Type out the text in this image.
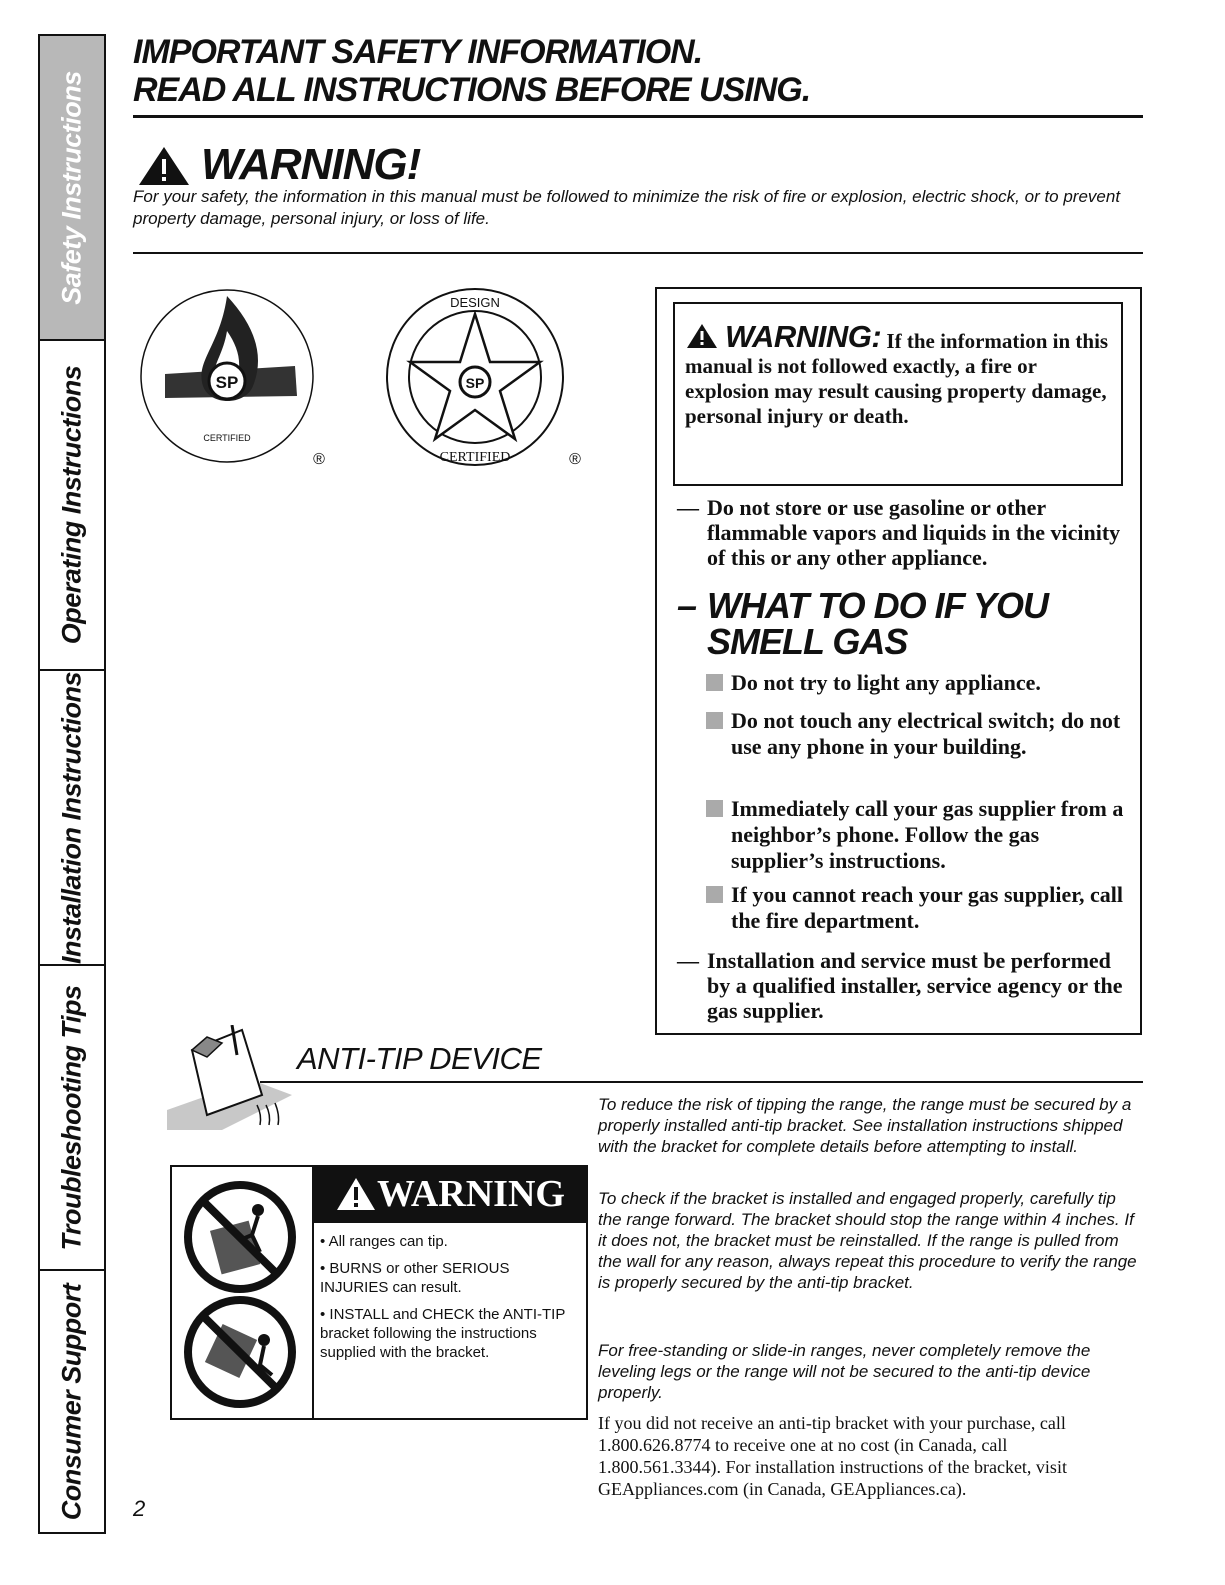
Safety Instructions
Operating Instructions
Installation Instructions
Troubleshooting Tips
Consumer Support
IMPORTANT SAFETY INFORMATION.
READ ALL INSTRUCTIONS BEFORE USING.
WARNING!
For your safety, the information in this manual must be followed to minimize the risk of fire or explosion, electric shock, or to prevent property damage, personal injury, or loss of life.
SP
CERTIFIED
®
SP
DESIGN
CERTIFIED	®
WARNING: If the information in this manual is not followed exactly, a fire or explosion may result causing property damage, personal injury or death.
— Do not store or use gasoline or other flammable vapors and liquids in the vicinity of this or any other appliance.
– WHAT TO DO IF YOU
SMELL GAS
Do not try to light any appliance.
Do not touch any electrical switch; do not use any phone in your building.
Immediately call your gas supplier from a neighbor’s phone. Follow the gas supplier’s instructions.
If you cannot reach your gas supplier, call the fire department.
— Installation and service must be performed by a qualified installer, service agency or the gas supplier.
ANTI-TIP DEVICE
To reduce the risk of tipping the range, the range must be secured by a properly installed anti-tip bracket. See installation instructions shipped with the bracket for complete details before attempting to install.
To check if the bracket is installed and engaged properly, carefully tip the range forward. The bracket should stop the range within 4 inches. If it does not, the bracket must be reinstalled. If the range is pulled from the wall for any reason, always repeat this procedure to verify the range is properly secured by the anti-tip bracket.
For free-standing or slide-in ranges, never completely remove the leveling legs or the range will not be secured to the anti-tip device properly.
If you did not receive an anti-tip bracket with your purchase, call 1.800.626.8774 to receive one at no cost (in Canada, call 1.800.561.3344). For installation instructions of the bracket, visit GEAppliances.com (in Canada, GEAppliances.ca).
WARNING
• All ranges can tip.
• BURNS or other SERIOUS INJURIES can result.
• INSTALL and CHECK the ANTI-TIP bracket following the instructions supplied with the bracket.
2
